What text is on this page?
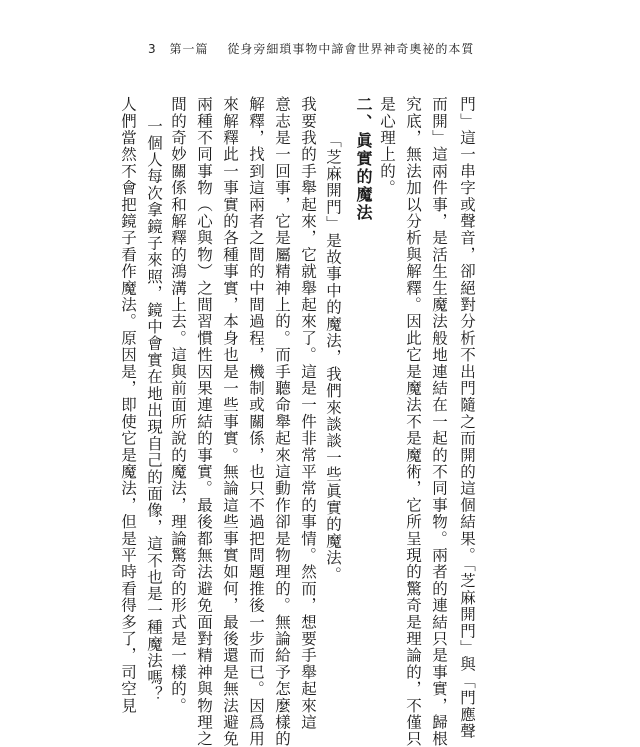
3 第一篇 從身旁細瑣事物中諦會世界神奇奧祕的本質
門」這一串字或聲音，卻絕對分析不出門隨之而開的這個結果。「芝麻開門」與「門應聲
而開」這兩件事，是活生生魔法般地連結在一起的不同事物。兩者的連結只是事實，歸根
究底，無法加以分析與解釋。因此它是魔法不是魔術，它所呈現的驚奇是理論的，不僅只
是心理上的。
二、眞實的魔法
「芝麻開門」是故事中的魔法，我們來談談一些眞實的魔法。
我要我的手舉起來，它就舉起來了。這是一件非常平常的事情。然而，想要手舉起來這
意志是一回事，它是屬精神上的。而手聽命舉起來這動作卻是物理的。無論給予怎麼樣的
解釋，找到這兩者之間的中間過程，機制或關係，也只不過把問題推後一步而已。因爲用
來解釋此一事實的各種事實，本身也是一些事實。無論這些事實如何，最後還是無法避免
兩種不同事物（心與物）之間習慣性因果連結的事實。最後都無法避免面對精神與物理之
間的奇妙關係和解釋的鴻溝上去。這與前面所說的魔法，理論驚奇的形式是一樣的。
一個人每次拿鏡子來照，鏡中會實在地出現自己的面像，這不也是一種魔法嗎？
人們當然不會把鏡子看作魔法。原因是，即使它是魔法，但是平時看得多了，司空見
